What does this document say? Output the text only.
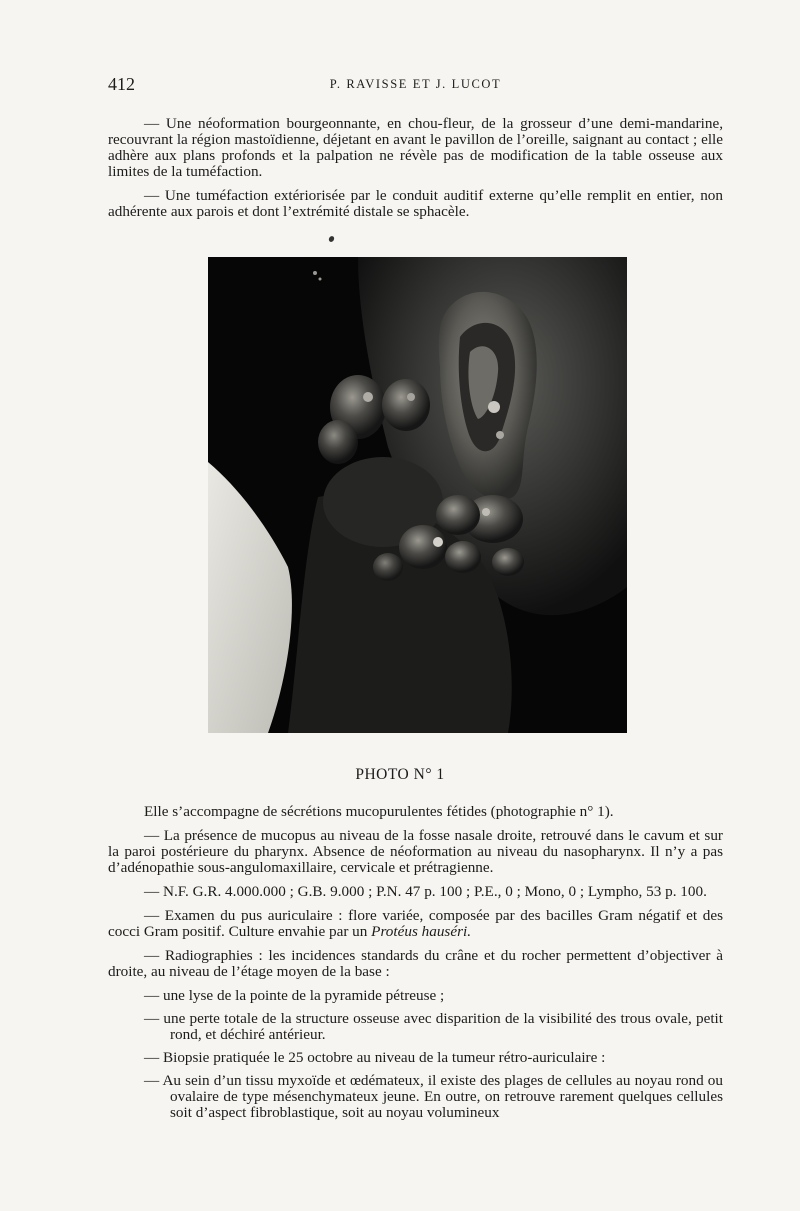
412	P. RAVISSE ET J. LUCOT

— Une néoformation bourgeonnante, en chou-fleur, de la grosseur d’une demi-mandarine, recouvrant la région mastoïdienne, déjetant en avant le pavillon de l’oreille, saignant au contact ; elle adhère aux plans profonds et la palpation ne révèle pas de modification de la table osseuse aux limites de la tuméfaction.

— Une tuméfaction extériorisée par le conduit auditif externe qu’elle remplit en entier, non adhérente aux parois et dont l’extrémité distale se sphacèle.

PHOTO N° 1

Elle s’accompagne de sécrétions mucopurulentes fétides (photographie n° 1).

— La présence de mucopus au niveau de la fosse nasale droite, retrouvé dans le cavum et sur la paroi postérieure du pharynx. Absence de néoformation au niveau du nasopharynx. Il n’y a pas d’adénopathie sous-angulomaxillaire, cervicale et prétragienne.

— N.F. G.R. 4.000.000 ; G.B. 9.000 ; P.N. 47 p. 100 ; P.E., 0 ; Mono, 0 ; Lympho, 53 p. 100.

— Examen du pus auriculaire : flore variée, composée par des bacilles Gram négatif et des cocci Gram positif. Culture envahie par un Protéus hauséri.

— Radiographies : les incidences standards du crâne et du rocher permettent d’objectiver à droite, au niveau de l’étage moyen de la base :

— une lyse de la pointe de la pyramide pétreuse ;

— une perte totale de la structure osseuse avec disparition de la visibilité des trous ovale, petit rond, et déchiré antérieur.

— Biopsie pratiquée le 25 octobre au niveau de la tumeur rétro-auriculaire :

— Au sein d’un tissu myxoïde et œdémateux, il existe des plages de cellules au noyau rond ou ovalaire de type mésenchymateux jeune. En outre, on retrouve rarement quelques cellules soit d’aspect fibroblastique, soit au noyau volumineux
